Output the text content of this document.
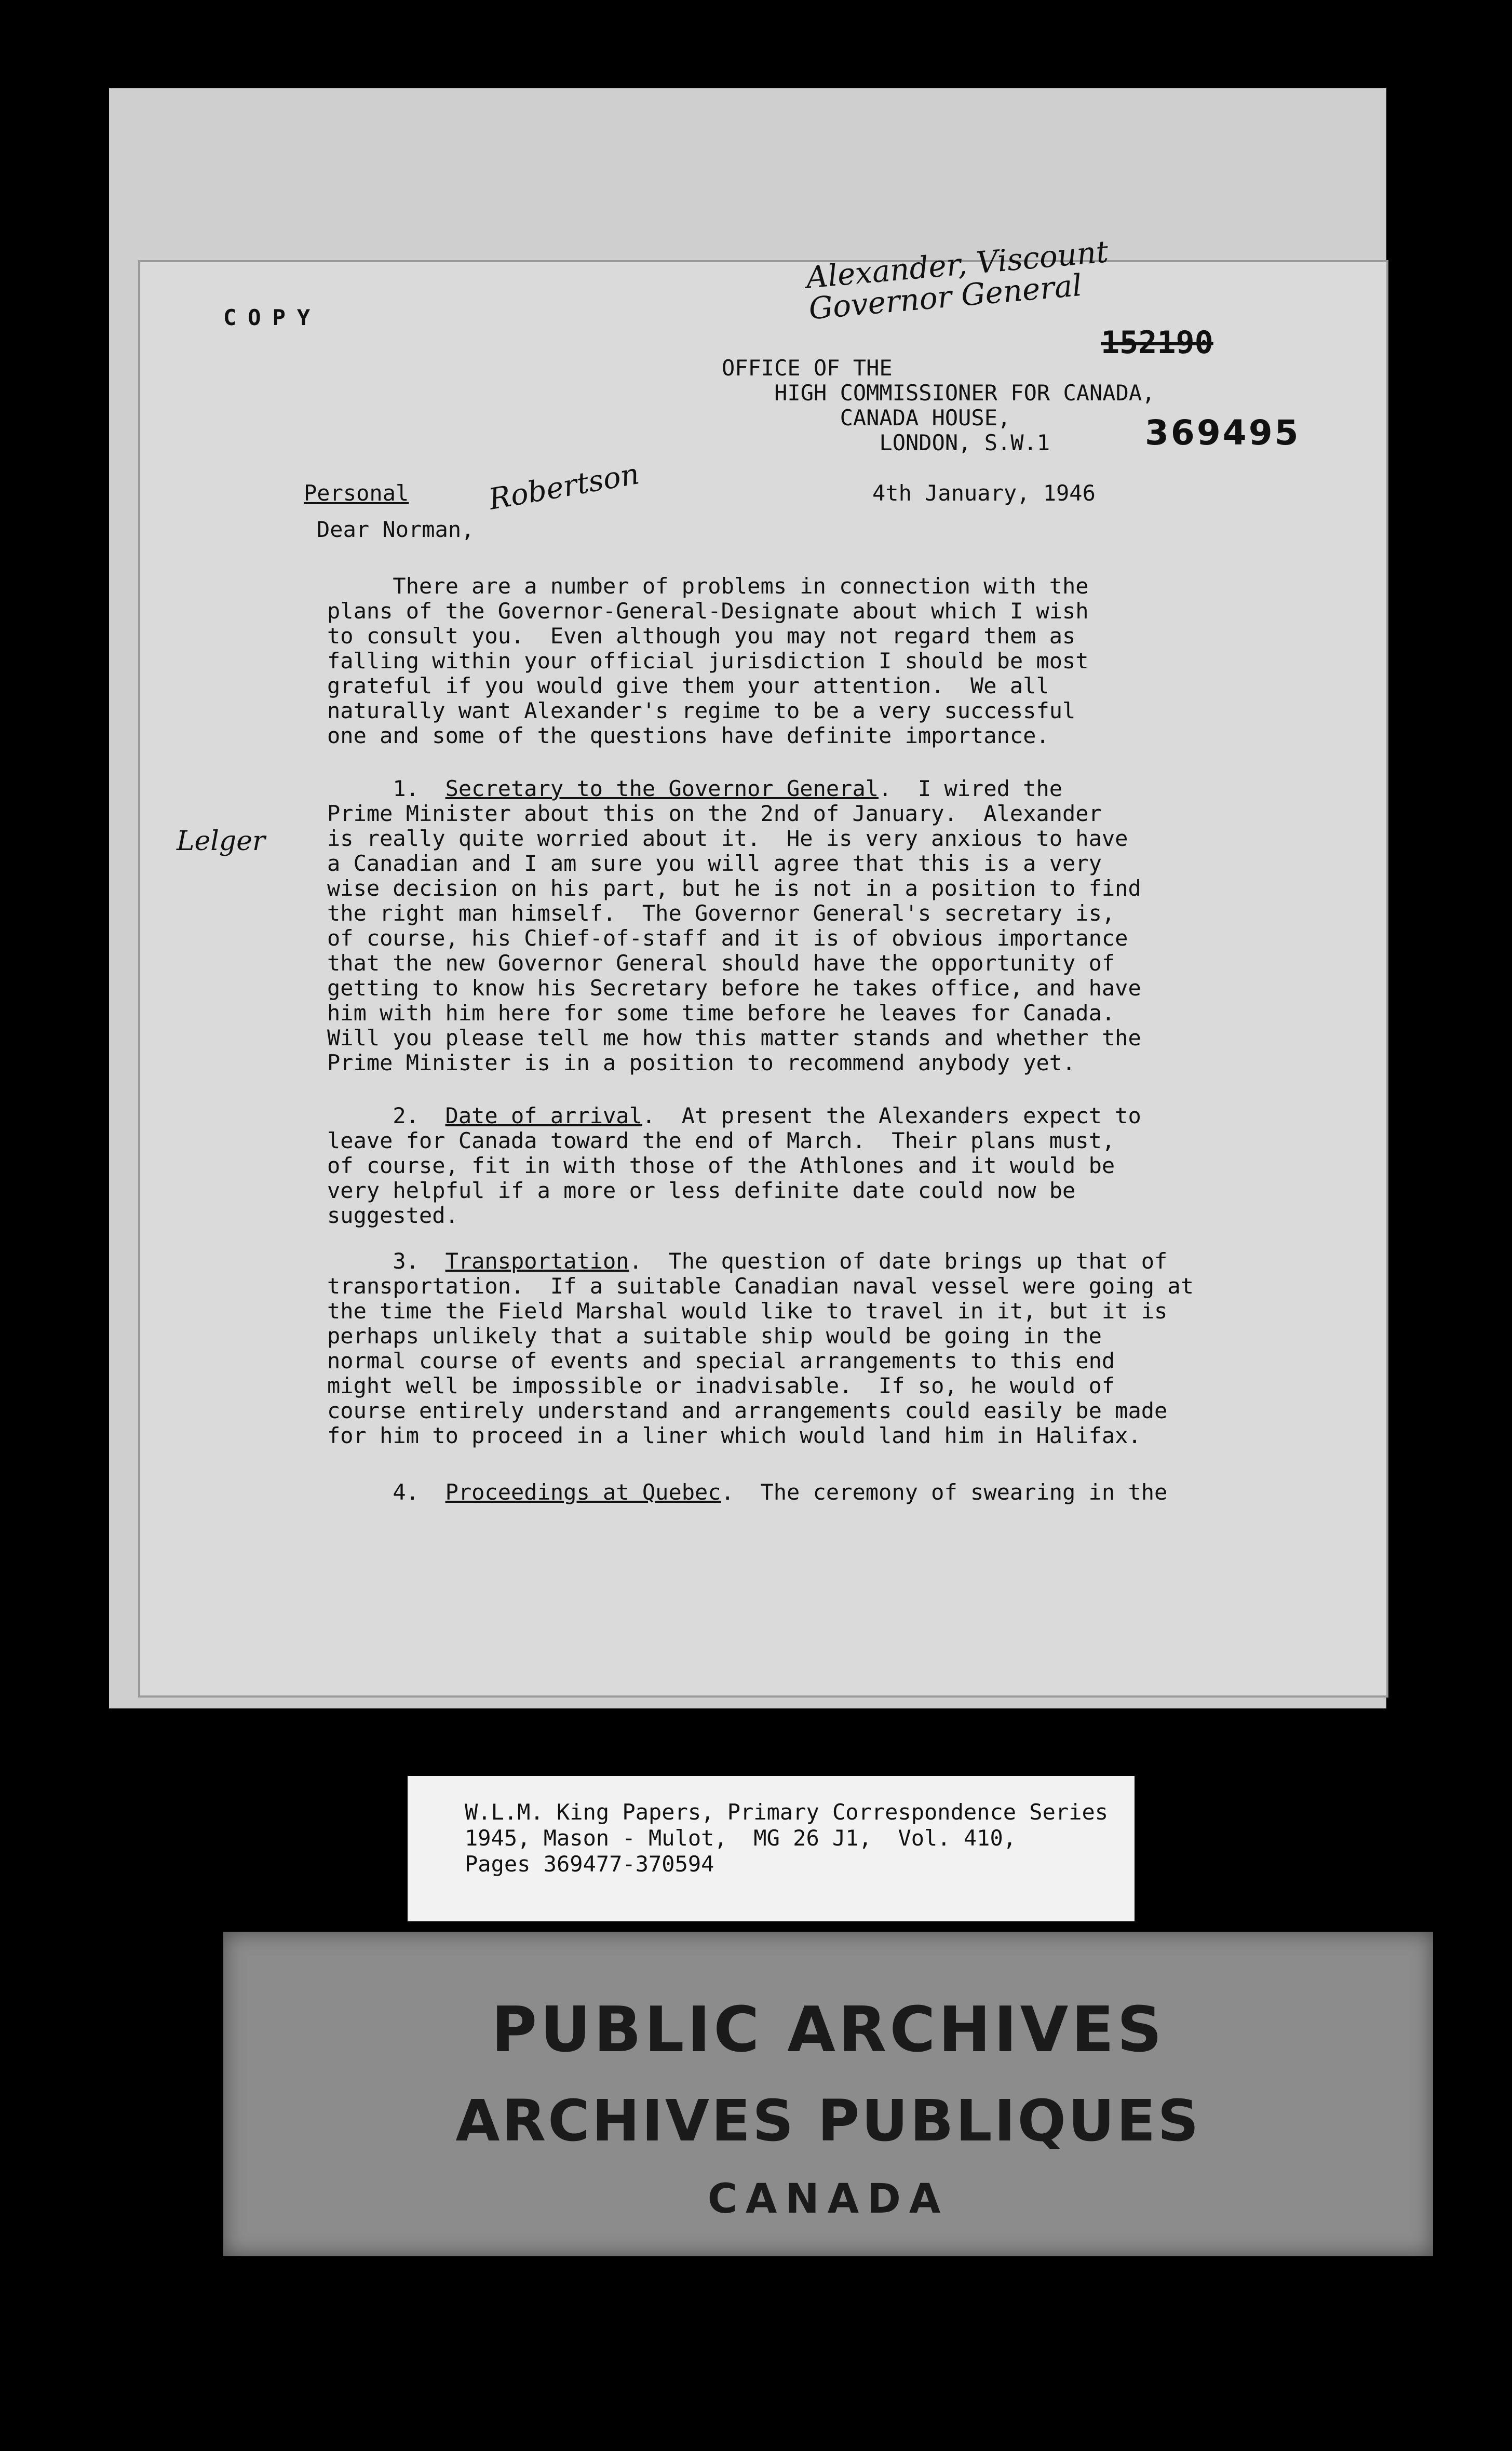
COPY
Alexander, Viscount
Governor General
152190
OFFICE OF THE
HIGH COMMISSIONER FOR CANADA,
CANADA HOUSE,
LONDON, S.W.1	369495
Personal	Robertson	4th January, 1946
Dear Norman,
There are a number of problems in connection with the
plans of the Governor-General-Designate about which I wish
to consult you.  Even although you may not regard them as
falling within your official jurisdiction I should be most
grateful if you would give them your attention.  We all
naturally want Alexander's regime to be a very successful
one and some of the questions have definite importance.
Lelger
1.  Secretary to the Governor General.  I wired the
Prime Minister about this on the 2nd of January.  Alexander
is really quite worried about it.  He is very anxious to have
a Canadian and I am sure you will agree that this is a very
wise decision on his part, but he is not in a position to find
the right man himself.  The Governor General's secretary is,
of course, his Chief-of-staff and it is of obvious importance
that the new Governor General should have the opportunity of
getting to know his Secretary before he takes office, and have
him with him here for some time before he leaves for Canada.
Will you please tell me how this matter stands and whether the
Prime Minister is in a position to recommend anybody yet.
2.  Date of arrival.  At present the Alexanders expect to
leave for Canada toward the end of March.  Their plans must,
of course, fit in with those of the Athlones and it would be
very helpful if a more or less definite date could now be
suggested.
3.  Transportation.  The question of date brings up that of
transportation.  If a suitable Canadian naval vessel were going at
the time the Field Marshal would like to travel in it, but it is
perhaps unlikely that a suitable ship would be going in the
normal course of events and special arrangements to this end
might well be impossible or inadvisable.  If so, he would of
course entirely understand and arrangements could easily be made
for him to proceed in a liner which would land him in Halifax.
4.  Proceedings at Quebec.  The ceremony of swearing in the
W.L.M. King Papers, Primary Correspondence Series
1945, Mason - Mulot,  MG 26 J1,  Vol. 410,
Pages 369477-370594
PUBLIC ARCHIVES
ARCHIVES PUBLIQUES
CANADA
